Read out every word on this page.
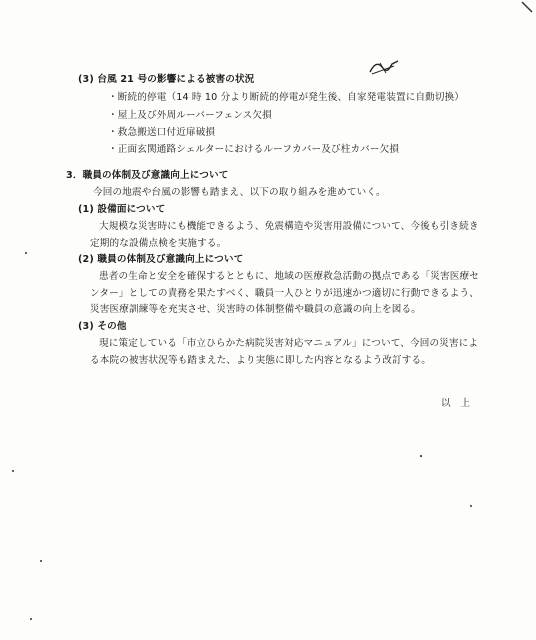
(3) 台風 21 号の影響による被害の状況
・断続的停電（14 時 10 分より断続的停電が発生後、自家発電装置に自動切換）
・屋上及び外周ルーバーフェンス欠損
・救急搬送口付近扉破損
・正面玄関通路シェルターにおけるルーフカバー及び柱カバー欠損
3．職員の体制及び意識向上について
今回の地震や台風の影響も踏まえ、以下の取り組みを進めていく。
(1) 設備面について
大規模な災害時にも機能できるよう、免震構造や災害用設備について、今後も引き続き
定期的な設備点検を実施する。
(2) 職員の体制及び意識向上について
患者の生命と安全を確保するとともに、地域の医療救急活動の拠点である「災害医療セ
ンター」としての責務を果たすべく、職員一人ひとりが迅速かつ適切に行動できるよう、
災害医療訓練等を充実させ、災害時の体制整備や職員の意識の向上を図る。
(3) その他
現に策定している「市立ひらかた病院災害対応マニュアル」について、今回の災害によ
る本院の被害状況等も踏まえた、より実態に即した内容となるよう改訂する。
以　上
